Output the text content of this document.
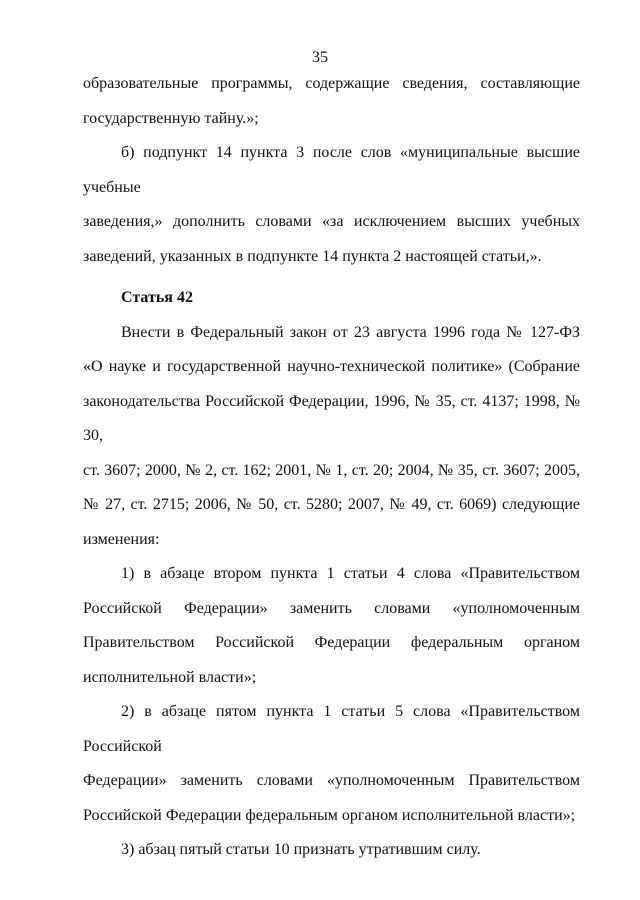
35

образовательные программы, содержащие сведения, составляющие
государственную тайну.»;

б) подпункт 14 пункта 3 после слов «муниципальные высшие учебные
заведения,» дополнить словами «за исключением высших учебных
заведений, указанных в подпункте 14 пункта 2 настоящей статьи,».

Статья 42

Внести в Федеральный закон от 23 августа 1996 года № 127-ФЗ
«О науке и государственной научно-технической политике» (Собрание
законодательства Российской Федерации, 1996, № 35, ст. 4137; 1998, № 30,
ст. 3607; 2000, № 2, ст. 162; 2001, № 1, ст. 20; 2004, № 35, ст. 3607; 2005,
№ 27, ст. 2715; 2006, № 50, ст. 5280; 2007, № 49, ст. 6069) следующие
изменения:

1) в абзаце втором пункта 1 статьи 4 слова «Правительством
Российской Федерации» заменить словами «уполномоченным
Правительством Российской Федерации федеральным органом
исполнительной власти»;

2) в абзаце пятом пункта 1 статьи 5 слова «Правительством Российской
Федерации» заменить словами «уполномоченным Правительством
Российской Федерации федеральным органом исполнительной власти»;

3) абзац пятый статьи 10 признать утратившим силу.
